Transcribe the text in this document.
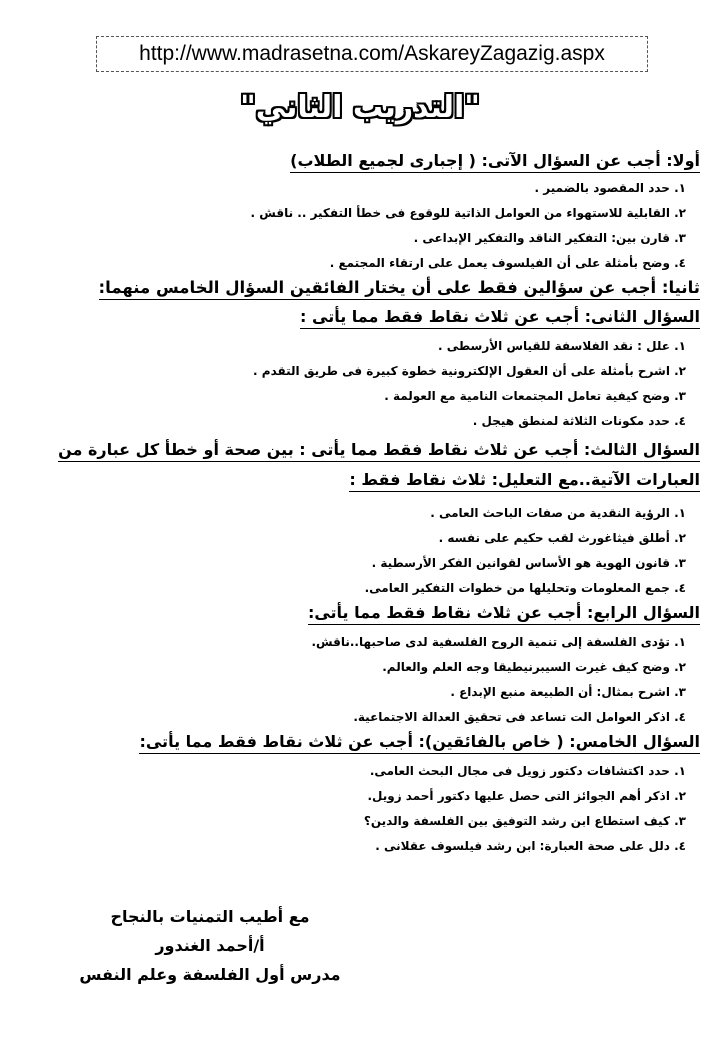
http://www.madrasetna.com/AskareyZagazig.aspx
"التدريب الثاني"
أولا: أجب عن السؤال الآتى: ( إجبارى لجميع الطلاب)
١. حدد المقصود بالضمير .
٢. القابلية للاستهواء من العوامل الذاتية للوقوع فى خطأ التفكير .. ناقش .
٣. قارن بين: التفكير الناقد والتفكير الإبداعى .
٤. وضح بأمثلة على أن الفيلسوف يعمل على ارتقاء المجتمع .
ثانيا: أجب عن سؤالين فقط على أن يختار الفائقين السؤال الخامس منهما:
السؤال الثانى: أجب عن ثلاث نقاط فقط مما يأتى :
١. علل : نقد الفلاسفة للقياس الأرسطى .
٢. اشرح بأمثلة على أن العقول الإلكترونية خطوة كبيرة فى طريق التقدم .
٣. وضح كيفية تعامل المجتمعات النامية مع العولمة .
٤. حدد مكونات الثلاثة لمنطق هيجل .
السؤال الثالث: أجب عن ثلاث نقاط فقط مما يأتى : بين صحة أو خطأ كل عبارة من العبارات الآتية..مع التعليل: ثلاث نقاط فقط :
١. الرؤية النقدية من صفات الباحث العامى .
٢. أطلق فيثاغورث لقب حكيم على نفسه .
٣. قانون الهوية هو الأساس لقوانين الفكر الأرسطية .
٤. جمع المعلومات وتحليلها من خطوات التفكير العامى.
السؤال الرابع: أجب عن ثلاث نقاط فقط مما يأتى:
١. تؤدى الفلسفة إلى تنمية الروح الفلسفية لدى صاحبها..ناقش.
٢. وضح كيف غيرت السيبرنيطيقا وجه العلم والعالم.
٣. اشرح بمثال: أن الطبيعة منبع الإبداع .
٤. اذكر العوامل الت تساعد فى تحقيق العدالة الاجتماعية.
السؤال الخامس: ( خاص بالفائقين): أجب عن ثلاث نقاط فقط مما يأتى:
١. حدد اكتشافات دكتور زويل فى مجال البحث العامى.
٢. اذكر أهم الجوائز التى حصل عليها دكتور أحمد زويل.
٣. كيف استطاع ابن رشد التوفيق بين الفلسفة والدين؟
٤. دلل على صحة العبارة: ابن رشد فيلسوف عقلانى .
مع أطيب التمنيات بالنجاح
أ/أحمد الغندور
مدرس أول الفلسفة وعلم النفس
